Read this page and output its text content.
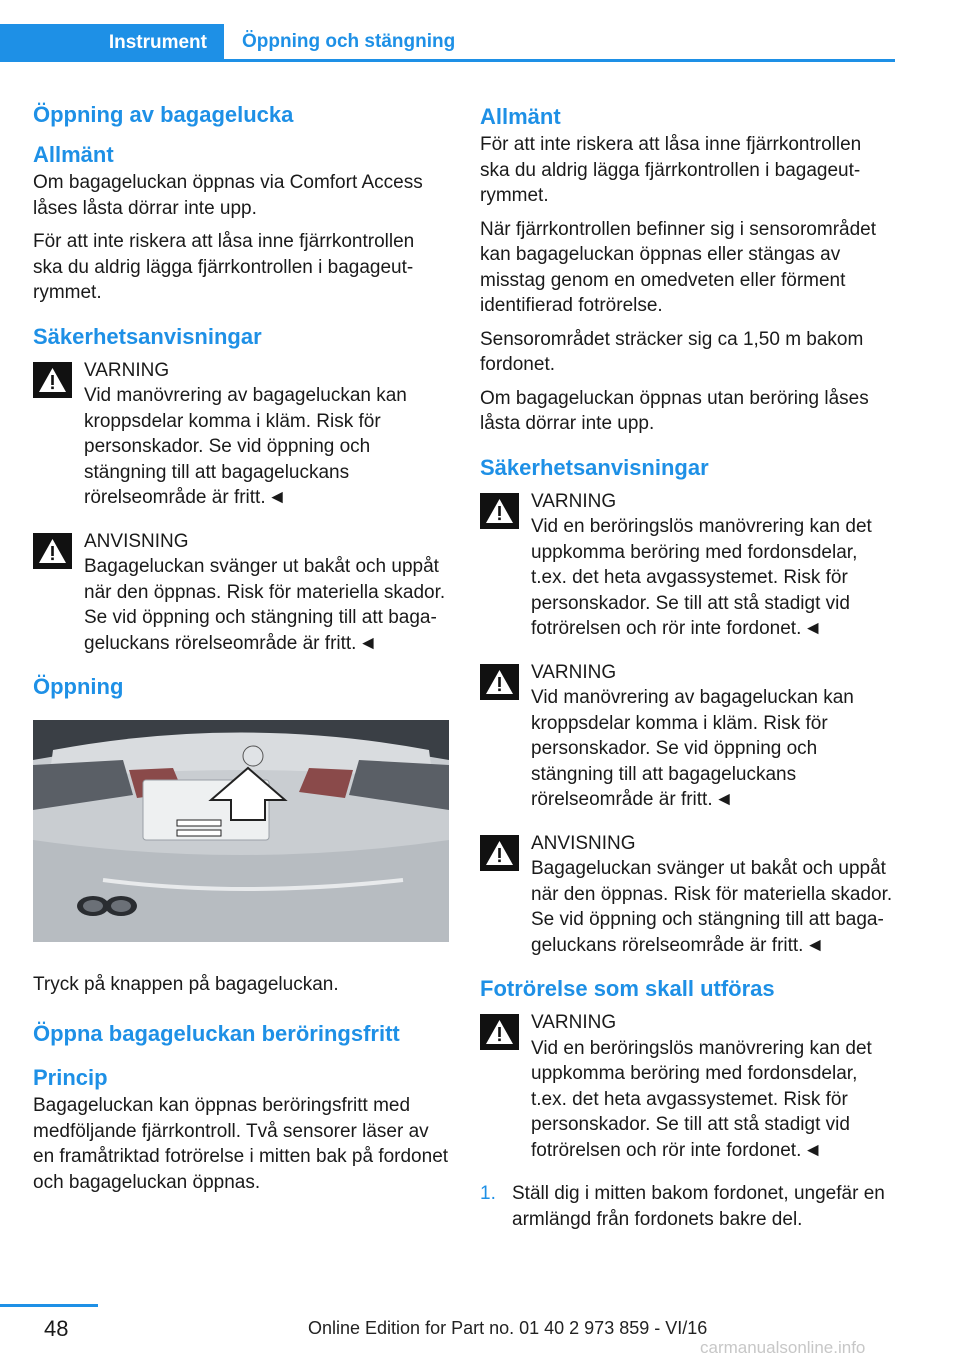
Instrument	Öppning och stängning
Öppning av bagagelucka
Allmänt
Om bagageluckan öppnas via Comfort Access låses låsta dörrar inte upp.
För att inte riskera att låsa inne fjärrkontrollen ska du aldrig lägga fjärrkontrollen i bagageutrymmet.
Säkerhetsanvisningar
VARNING
Vid manövrering av bagageluckan kan kroppsdelar komma i kläm. Risk för personskador. Se vid öppning och stängning till att bagageluckans rörelseområde är fritt. ◄
ANVISNING
Bagageluckan svänger ut bakåt och uppåt när den öppnas. Risk för materiella skador. Se vid öppning och stängning till att bagageluckans rörelseområde är fritt. ◄
Öppning
Tryck på knappen på bagageluckan.
Öppna bagageluckan beröringsfritt
Princip
Bagageluckan kan öppnas beröringsfritt med medföljande fjärrkontroll. Två sensorer läser av en framåtriktad fotrörelse i mitten bak på fordonet och bagageluckan öppnas.
Allmänt
För att inte riskera att låsa inne fjärrkontrollen ska du aldrig lägga fjärrkontrollen i bagageutrymmet.
När fjärrkontrollen befinner sig i sensorområdet kan bagageluckan öppnas eller stängas av misstag genom en omedveten eller förment identifierad fotrörelse.
Sensorområdet sträcker sig ca 1,50 m bakom fordonet.
Om bagageluckan öppnas utan beröring låses låsta dörrar inte upp.
Säkerhetsanvisningar
VARNING
Vid en beröringslös manövrering kan det uppkomma beröring med fordonsdelar, t.ex. det heta avgassystemet. Risk för personskador. Se till att stå stadigt vid fotrörelsen och rör inte fordonet. ◄
VARNING
Vid manövrering av bagageluckan kan kroppsdelar komma i kläm. Risk för personskador. Se vid öppning och stängning till att bagageluckans rörelseområde är fritt. ◄
ANVISNING
Bagageluckan svänger ut bakåt och uppåt när den öppnas. Risk för materiella skador. Se vid öppning och stängning till att bagageluckans rörelseområde är fritt. ◄
Fotrörelse som skall utföras
VARNING
Vid en beröringslös manövrering kan det uppkomma beröring med fordonsdelar, t.ex. det heta avgassystemet. Risk för personskador. Se till att stå stadigt vid fotrörelsen och rör inte fordonet. ◄
1. Ställ dig i mitten bakom fordonet, ungefär en armlängd från fordonets bakre del.
48	Online Edition for Part no. 01 40 2 973 859 - VI/16
carmanualsonline.info
